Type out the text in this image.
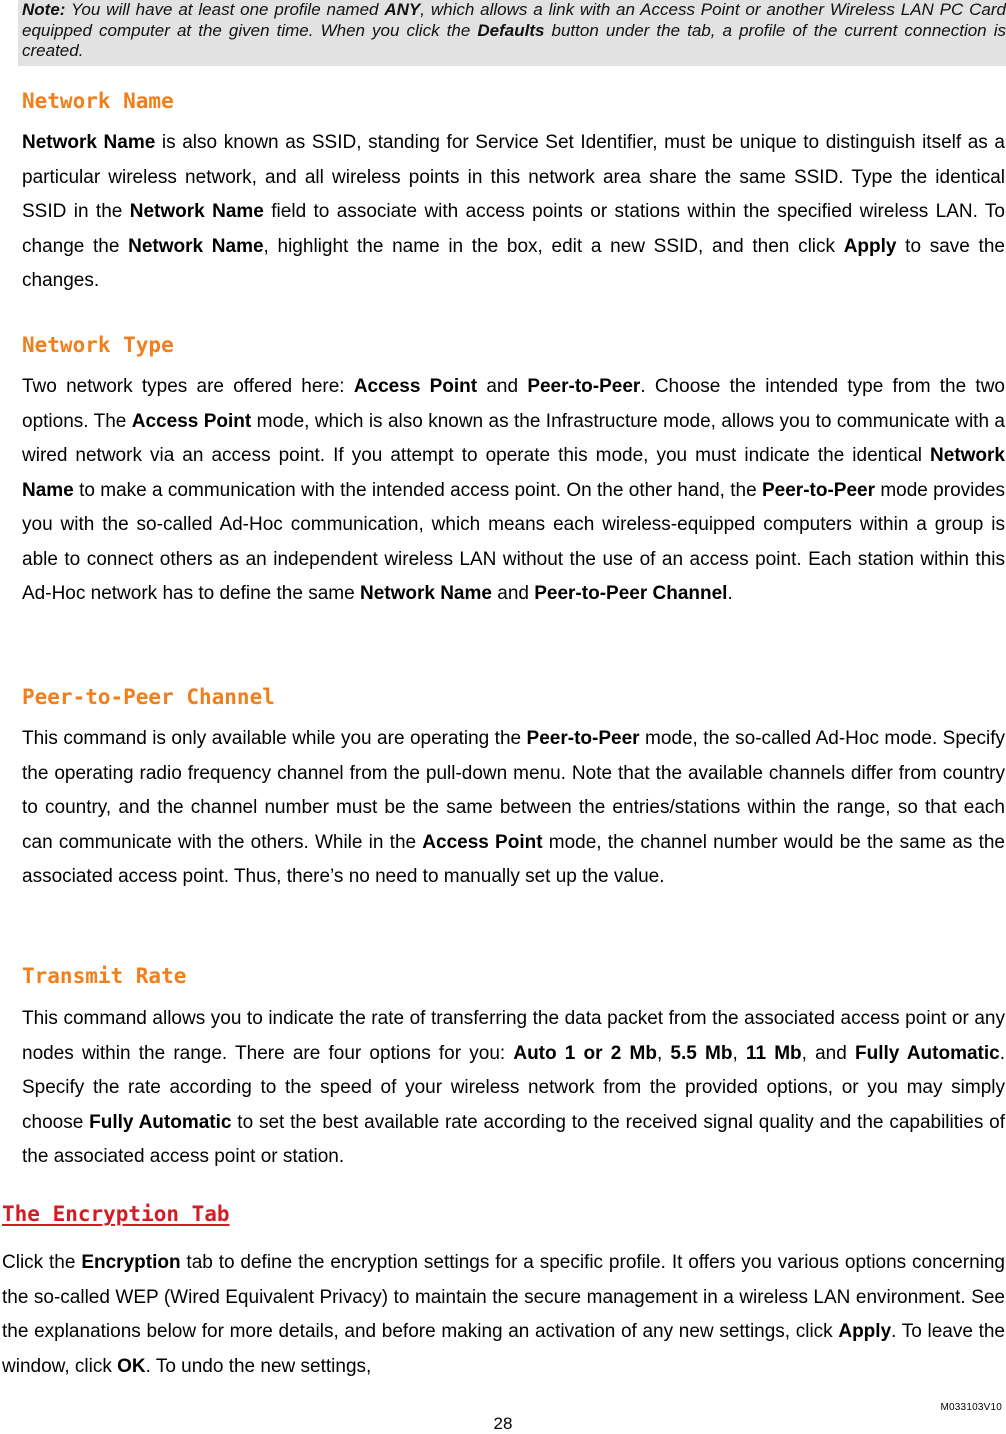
Note: You will have at least one profile named ANY, which allows a link with an Access Point or another Wireless LAN PC Card equipped computer at the given time. When you click the Defaults button under the tab, a profile of the current connection is created.
Network Name

Network Name is also known as SSID, standing for Service Set Identifier, must be unique to distinguish itself as a particular wireless network, and all wireless points in this network area share the same SSID. Type the identical SSID in the Network Name field to associate with access points or stations within the specified wireless LAN. To change the Network Name, highlight the name in the box, edit a new SSID, and then click Apply to save the changes.

Network Type

Two network types are offered here: Access Point and Peer-to-Peer. Choose the intended type from the two options. The Access Point mode, which is also known as the Infrastructure mode, allows you to communicate with a wired network via an access point. If you attempt to operate this mode, you must indicate the identical Network Name to make a communication with the intended access point. On the other hand, the Peer-to-Peer mode provides you with the so-called Ad-Hoc communication, which means each wireless-equipped computers within a group is able to connect others as an independent wireless LAN without the use of an access point. Each station within this Ad-Hoc network has to define the same Network Name and Peer-to-Peer Channel.

Peer-to-Peer Channel

This command is only available while you are operating the Peer-to-Peer mode, the so-called Ad-Hoc mode. Specify the operating radio frequency channel from the pull-down menu. Note that the available channels differ from country to country, and the channel number must be the same between the entries/stations within the range, so that each can communicate with the others. While in the Access Point mode, the channel number would be the same as the associated access point. Thus, there’s no need to manually set up the value.

Transmit Rate

This command allows you to indicate the rate of transferring the data packet from the associated access point or any nodes within the range. There are four options for you: Auto 1 or 2 Mb, 5.5 Mb, 11 Mb, and Fully Automatic. Specify the rate according to the speed of your wireless network from the provided options, or you may simply choose Fully Automatic to set the best available rate according to the received signal quality and the capabilities of the associated access point or station.

The Encryption Tab

Click the Encryption tab to define the encryption settings for a specific profile. It offers you various options concerning the so-called WEP (Wired Equivalent Privacy) to maintain the secure management in a wireless LAN environment. See the explanations below for more details, and before making an activation of any new settings, click Apply. To leave the window, click OK. To undo the new settings,

M033103V10
28
